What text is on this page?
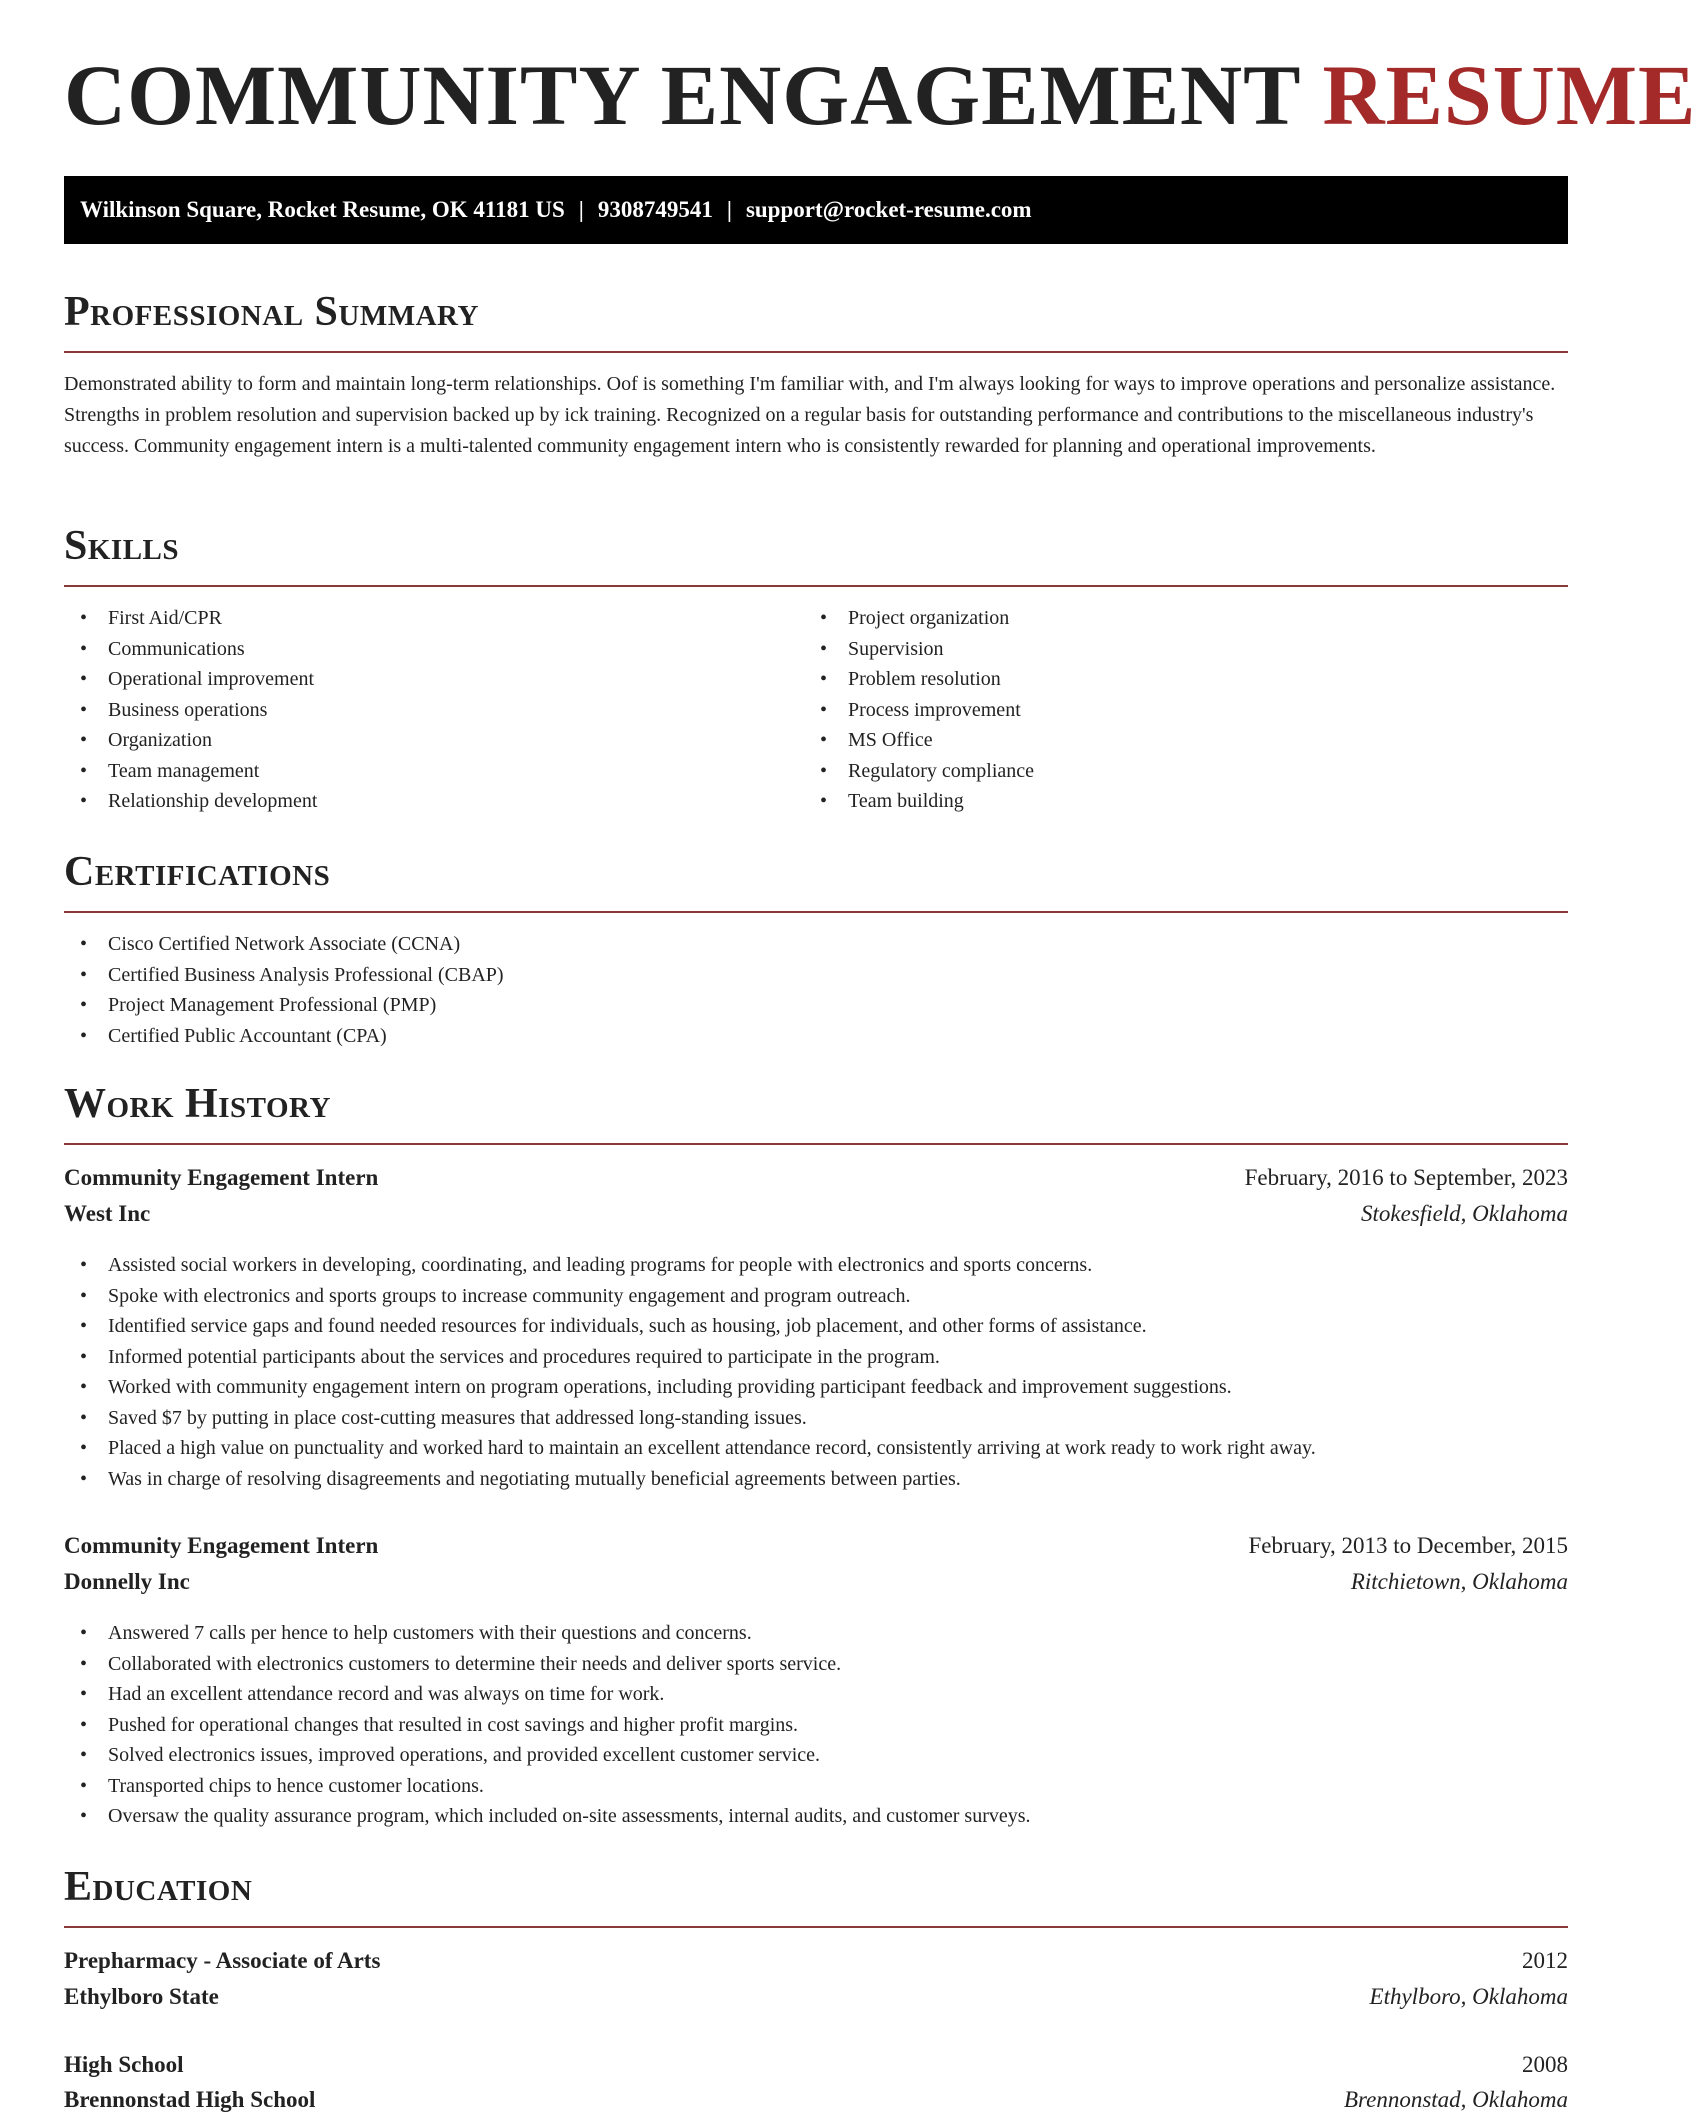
COMMUNITY ENGAGEMENT RESUME
Wilkinson Square, Rocket Resume, OK 41181 US | 9308749541 | support@rocket-resume.com
Professional Summary
Demonstrated ability to form and maintain long-term relationships. Oof is something I'm familiar with, and I'm always looking for ways to improve operations and personalize assistance. Strengths in problem resolution and supervision backed up by ick training. Recognized on a regular basis for outstanding performance and contributions to the miscellaneous industry's success. Community engagement intern is a multi-talented community engagement intern who is consistently rewarded for planning and operational improvements.
Skills
• First Aid/CPR
• Communications
• Operational improvement
• Business operations
• Organization
• Team management
• Relationship development
• Project organization
• Supervision
• Problem resolution
• Process improvement
• MS Office
• Regulatory compliance
• Team building
Certifications
• Cisco Certified Network Associate (CCNA)
• Certified Business Analysis Professional (CBAP)
• Project Management Professional (PMP)
• Certified Public Accountant (CPA)
Work History
Community Engagement Intern	February, 2016 to September, 2023
West Inc	Stokesfield, Oklahoma
• Assisted social workers in developing, coordinating, and leading programs for people with electronics and sports concerns.
• Spoke with electronics and sports groups to increase community engagement and program outreach.
• Identified service gaps and found needed resources for individuals, such as housing, job placement, and other forms of assistance.
• Informed potential participants about the services and procedures required to participate in the program.
• Worked with community engagement intern on program operations, including providing participant feedback and improvement suggestions.
• Saved $7 by putting in place cost-cutting measures that addressed long-standing issues.
• Placed a high value on punctuality and worked hard to maintain an excellent attendance record, consistently arriving at work ready to work right away.
• Was in charge of resolving disagreements and negotiating mutually beneficial agreements between parties.
Community Engagement Intern	February, 2013 to December, 2015
Donnelly Inc	Ritchietown, Oklahoma
• Answered 7 calls per hence to help customers with their questions and concerns.
• Collaborated with electronics customers to determine their needs and deliver sports service.
• Had an excellent attendance record and was always on time for work.
• Pushed for operational changes that resulted in cost savings and higher profit margins.
• Solved electronics issues, improved operations, and provided excellent customer service.
• Transported chips to hence customer locations.
• Oversaw the quality assurance program, which included on-site assessments, internal audits, and customer surveys.
Education
Prepharmacy - Associate of Arts	2012
Ethylboro State	Ethylboro, Oklahoma
High School	2008
Brennonstad High School	Brennonstad, Oklahoma
